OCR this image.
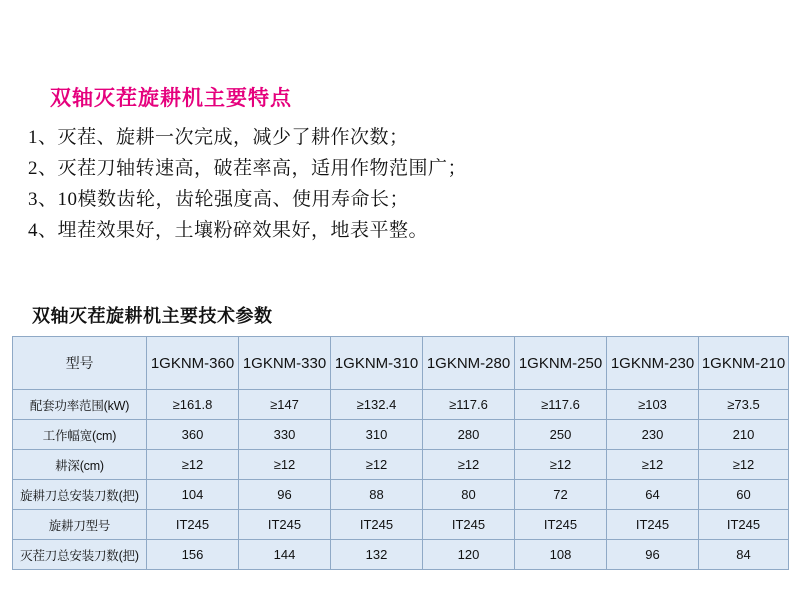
双轴灭茬旋耕机主要特点
1、灭茬、旋耕一次完成，减少了耕作次数；
2、灭茬刀轴转速高，破茬率高，适用作物范围广；
3、10模数齿轮，齿轮强度高、使用寿命长；
4、埋茬效果好，土壤粉碎效果好，地表平整。
双轴灭茬旋耕机主要技术参数
型号	1GKNM-360	1GKNM-330	1GKNM-310	1GKNM-280	1GKNM-250	1GKNM-230	1GKNM-210

配套功率范围(kW)	≥161.8	≥147	≥132.4	≥117.6	≥117.6	≥103	≥73.5
工作幅宽(cm)	360	330	310	280	250	230	210
耕深(cm)	≥12	≥12	≥12	≥12	≥12	≥12	≥12
旋耕刀总安装刀数(把)	104	96	88	80	72	64	60
旋耕刀型号	IT245	IT245	IT245	IT245	IT245	IT245	IT245
灭茬刀总安装刀数(把)	156	144	132	120	108	96	84
